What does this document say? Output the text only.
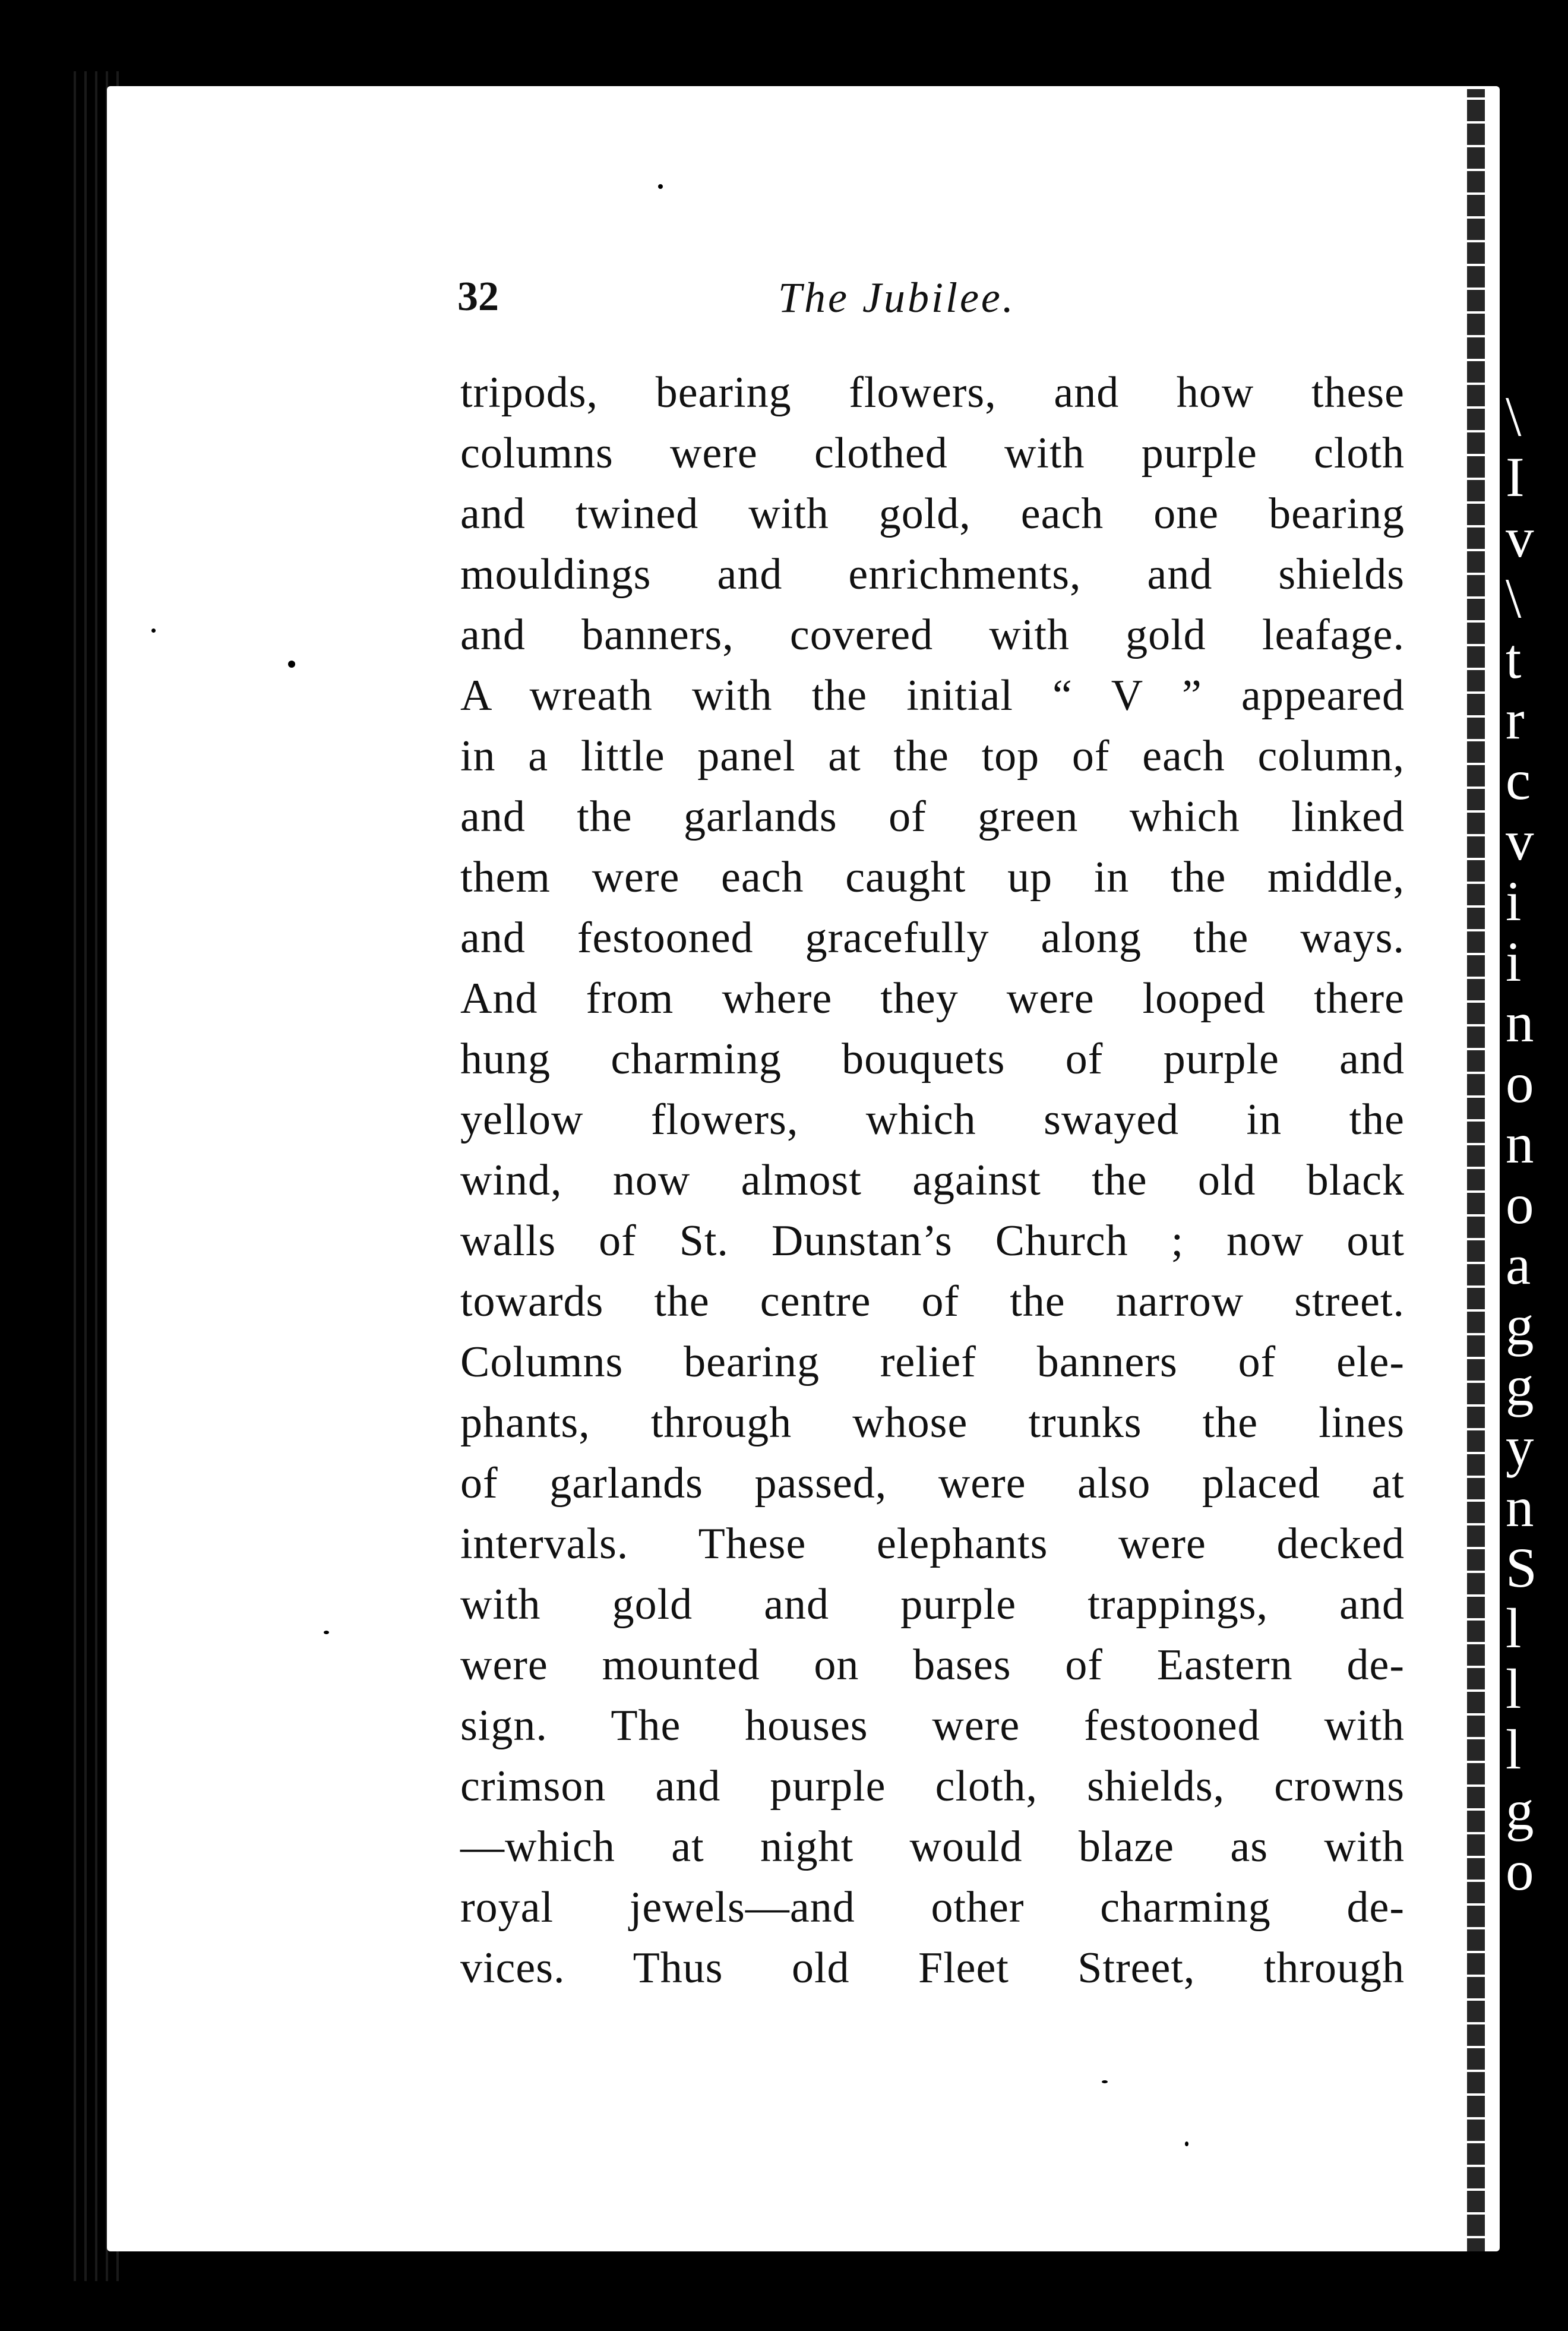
\
I
v
\
t
r
c
v
i
i
n
o
n
o
a
g
g
y
n
S
l
l
l
g
o
32	The Jubilee.
tripods, bearing flowers, and how these
columns were clothed with purple cloth
and twined with gold, each one bearing
mouldings and enrichments, and shields
and banners, covered with gold leafage.
A wreath with the initial “ V ” appeared
in a little panel at the top of each column,
and the garlands of green which linked
them were each caught up in the middle,
and festooned gracefully along the ways.
And from where they were looped there
hung charming bouquets of purple and
yellow flowers, which swayed in the
wind, now almost against the old black
walls of St. Dunstan’s Church ; now out
towards the centre of the narrow street.
Columns bearing relief banners of ele-
phants, through whose trunks the lines
of garlands passed, were also placed at
intervals. These elephants were decked
with gold and purple trappings, and
were mounted on bases of Eastern de-
sign. The houses were festooned with
crimson and purple cloth, shields, crowns
—which at night would blaze as with
royal jewels—and other charming de-
vices. Thus old Fleet Street, through
